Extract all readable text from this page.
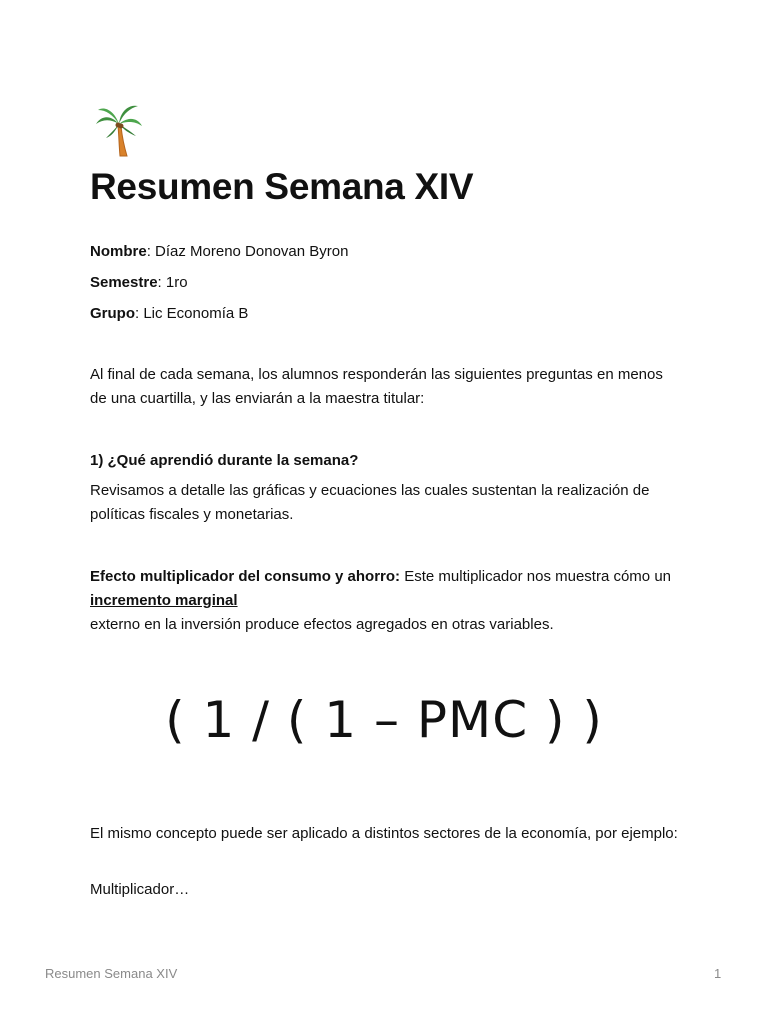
Resumen Semana XIV
Nombre: Díaz Moreno Donovan Byron
Semestre: 1ro
Grupo: Lic Economía B

Al final de cada semana, los alumnos responderán las siguientes preguntas en menos de una cuartilla, y las enviarán a la maestra titular:

1) ¿Qué aprendió durante la semana?

Revisamos a detalle las gráficas y ecuaciones las cuales sustentan la realización de políticas fiscales y monetarias.

Efecto multiplicador del consumo y ahorro: Este multiplicador nos muestra cómo un incremento marginal
externo en la inversión produce efectos agregados en otras variables.

( 1 / ( 1 – PMC ) )

El mismo concepto puede ser aplicado a distintos sectores de la economía, por ejemplo:

Multiplicador…
Resumen Semana XIV	1
